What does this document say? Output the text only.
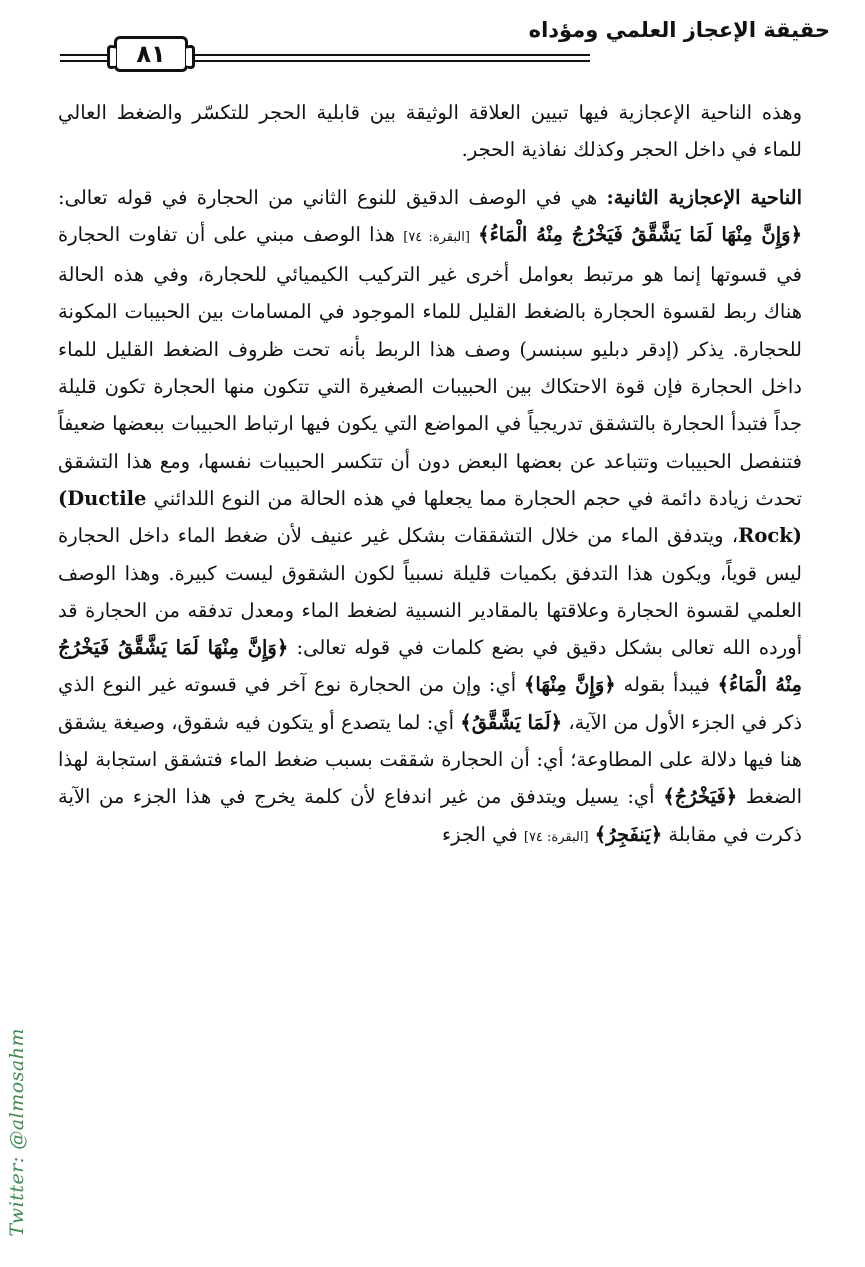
حقيقة الإعجاز العلمي ومؤداه
٨١

وهذه الناحية الإعجازية فيها تبيين العلاقة الوثيقة بين قابلية الحجر للتكسّر والضغط العالي للماء في داخل الحجر وكذلك نفاذية الحجر.

الناحية الإعجازية الثانية: هي في الوصف الدقيق للنوع الثاني من الحجارة في قوله تعالى: ﴿وَإِنَّ مِنْهَا لَمَا يَشَّقَّقُ فَيَخْرُجُ مِنْهُ الْمَاءُ﴾ [البقرة: ٧٤] هذا الوصف مبني على أن تفاوت الحجارة في قسوتها إنما هو مرتبط بعوامل أخرى غير التركيب الكيميائي للحجارة، وفي هذه الحالة هناك ربط لقسوة الحجارة بالضغط القليل للماء الموجود في المسامات بين الحبيبات المكونة للحجارة. يذكر (إدقر دبليو سبنسر) وصف هذا الربط بأنه تحت ظروف الضغط القليل للماء داخل الحجارة فإن قوة الاحتكاك بين الحبيبات الصغيرة التي تتكون منها الحجارة تكون قليلة جداً فتبدأ الحجارة بالتشقق تدريجياً في المواضع التي يكون فيها ارتباط الحبيبات ببعضها ضعيفاً فتنفصل الحبيبات وتتباعد عن بعضها البعض دون أن تتكسر الحبيبات نفسها، ومع هذا التشقق تحدث زيادة دائمة في حجم الحجارة مما يجعلها في هذه الحالة من النوع اللدائني (Ductile Rock)، ويتدفق الماء من خلال التشققات بشكل غير عنيف لأن ضغط الماء داخل الحجارة ليس قوياً، ويكون هذا التدفق بكميات قليلة نسبياً لكون الشقوق ليست كبيرة. وهذا الوصف العلمي لقسوة الحجارة وعلاقتها بالمقادير النسبية لضغط الماء ومعدل تدفقه من الحجارة قد أورده الله تعالى بشكل دقيق في بضع كلمات في قوله تعالى: ﴿وَإِنَّ مِنْهَا لَمَا يَشَّقَّقُ فَيَخْرُجُ مِنْهُ الْمَاءُ﴾ فيبدأ بقوله ﴿وَإِنَّ مِنْهَا﴾ أي: وإن من الحجارة نوع آخر في قسوته غير النوع الذي ذكر في الجزء الأول من الآية، ﴿لَمَا يَشَّقَّقُ﴾ أي: لما يتصدع أو يتكون فيه شقوق، وصيغة يشقق هنا فيها دلالة على المطاوعة؛ أي: أن الحجارة شققت بسبب ضغط الماء فتشقق استجابة لهذا الضغط ﴿فَيَخْرُجُ﴾ أي: يسيل ويتدفق من غير اندفاع لأن كلمة يخرج في هذا الجزء من الآية ذكرت في مقابلة ﴿يَنفَجِرُ﴾ [البقرة: ٧٤] في الجزء

Twitter: @almosahm
